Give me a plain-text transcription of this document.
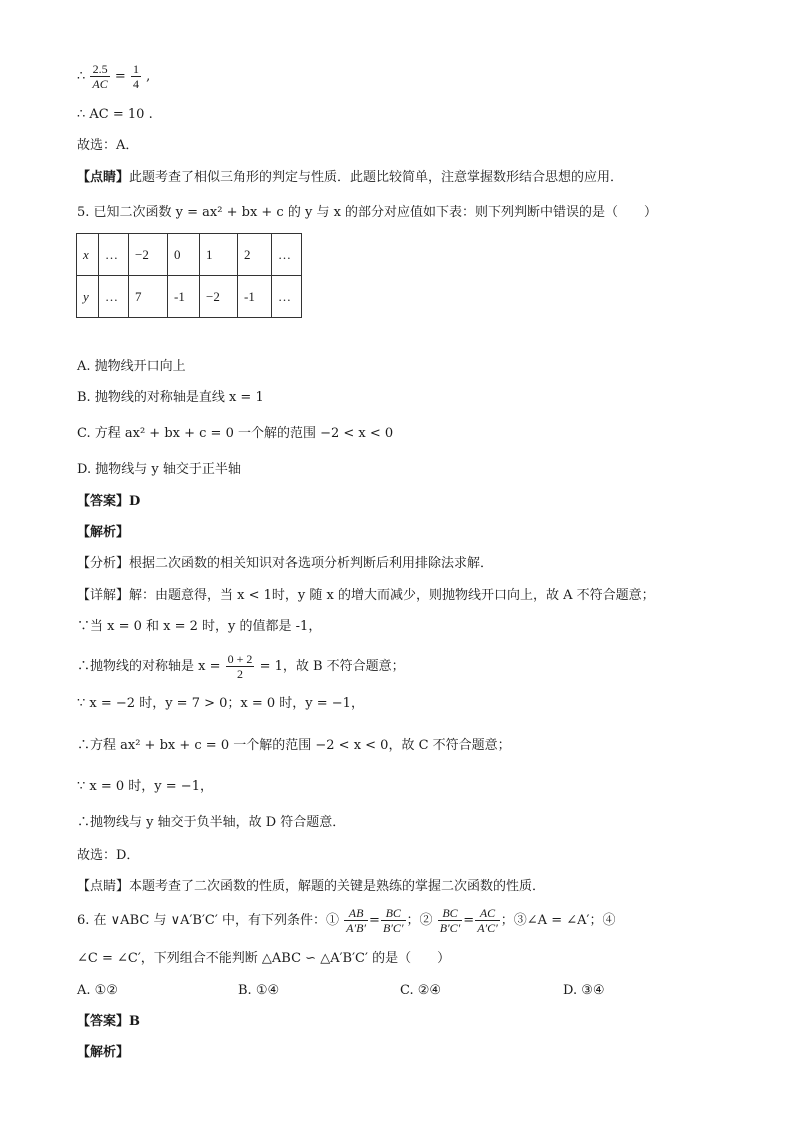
∴ $\frac{2.5}{AC} = \frac{1}{4}$ ,
∴ AC = 10 .
故选：A．
【点睛】此题考查了相似三角形的判定与性质．此题比较简单，注意掌握数形结合思想的应用．
5. 已知二次函数 y = ax² + bx + c 的 y 与 x 的部分对应值如下表：则下列判断中错误的是（　　）
x	…	−2	0	1	2	…
y	…	7	-1	−2	-1	…
A. 抛物线开口向上
B. 抛物线的对称轴是直线 x = 1
C. 方程 ax² + bx + c = 0 一个解的范围 −2 < x < 0
D. 抛物线与 y 轴交于正半轴
【答案】D
【解析】
【分析】根据二次函数的相关知识对各选项分析判断后利用排除法求解．
【详解】解：由题意得，当 x < 1时，y 随 x 的增大而减少，则抛物线开口向上，故 A 不符合题意；
∵当 x = 0 和 x = 2 时，y 的值都是 -1，
∴抛物线的对称轴是 $x = \frac{0 + 2}{2} = 1$，故 B 不符合题意；
∵ x = −2 时，y = 7 > 0；x = 0 时，y = −1，
∴方程 ax² + bx + c = 0 一个解的范围 −2 < x < 0，故 C 不符合题意；
∵ x = 0 时，y = −1，
∴抛物线与 y 轴交于负半轴，故 D 符合题意．
故选：D．
【点睛】本题考查了二次函数的性质，解题的关键是熟练的掌握二次函数的性质．
6. 在 ∨ABC 与 ∨A′B′C′ 中，有下列条件：① $\frac{AB}{A'B'} = \frac{BC}{B'C'}$ ；② $\frac{BC}{B'C'} = \frac{AC}{A'C'}$ ；③∠A = ∠A′；④
∠C = ∠C′，下列组合不能判断 △ABC ∽ △A′B′C′ 的是（　　）
A. ①②	B. ①④	C. ②④	D. ③④
【答案】B
【解析】
